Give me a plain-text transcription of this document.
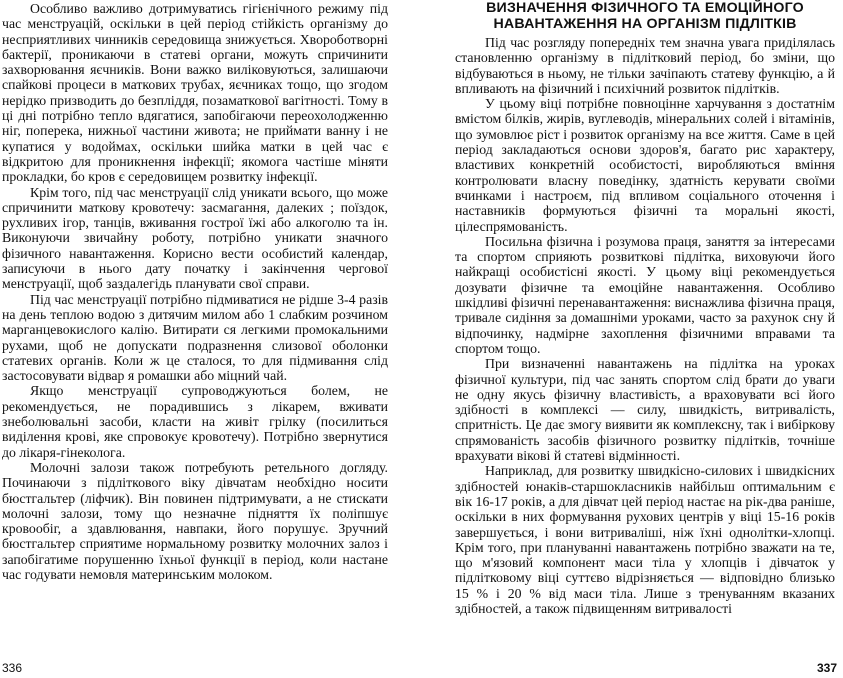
Особливо важливо дотримуватись гігієнічного режиму під час менструацій, оскільки в цей період стійкість організму до несприятливих чинників середовища знижується. Хвороботворні бактерії, проникаючи в статеві органи, можуть спричинити захворювання яєчників. Вони важко виліковуються, залишаючи спайкові процеси в маткових трубах, яєчниках тощо, що згодом нерідко призводить до безпліддя, позаматкової вагітності. Тому в ці дні потрібно тепло вдягатися, запобігаючи переохолодженню ніг, поперека, нижньої частини живота; не приймати ванну і не купатися у водоймах, оскільки шийка матки в цей час є відкритою для проникнення інфекції; якомога частіше міняти прокладки, бо кров є середовищем розвитку інфекції.

Крім того, під час менструації слід уникати всього, що може спричинити маткову кровотечу: засмагання, далеких ; поїздок, рухливих ігор, танців, вживання гострої їжі або алкоголю та ін. Виконуючи звичайну роботу, потрібно уникати значного фізичного навантаження. Корисно вести особистий календар, записуючи в нього дату початку і закінчення чергової менструації, щоб заздалегідь планувати свої справи.

Під час менструації потрібно підмиватися не рідше 3-4 разів на день теплою водою з дитячим милом або 1 слабким розчином марганцевокислого калію. Витирати ся легкими промокальними рухами, щоб не допускати подразнення слизової оболонки статевих органів. Коли ж це сталося, то для підмивання слід застосовувати відвар я ромашки або міцний чай.

Якщо менструації супроводжуються болем, не рекомендується, не порадившись з лікарем, вживати знеболювальні засоби, класти на живіт грілку (посилиться виділення крові, яке спровокує кровотечу). Потрібно звернутися до лікаря-гінеколога.

Молочні залози також потребують ретельного догляду. Починаючи з підліткового віку дівчатам необхідно носити бюстгальтер (ліфчик). Він повинен підтримувати, а не стискати молочні залози, тому що незначне підняття їх поліпшує кровообіг, а здавлювання, навпаки, його порушує. Зручний бюстгальтер сприятиме нормальному розвитку молочних залоз і запобігатиме порушенню їхньої функції в період, коли настане час годувати немовля материнським молоком.

336
ВИЗНАЧЕННЯ ФІЗИЧНОГО ТА ЕМОЦІЙНОГО НАВАНТАЖЕННЯ НА ОРГАНІЗМ ПІДЛІТКІВ

Під час розгляду попередніх тем значна увага приділялась становленню організму в підлітковий період, бо зміни, що відбуваються в ньому, не тільки зачіпають статеву функцію, а й впливають на фізичний і психічний розвиток підлітків.

У цьому віці потрібне повноцінне харчування з достатнім вмістом білків, жирів, вуглеводів, мінеральних солей і вітамінів, що зумовлює ріст і розвиток організму на все життя. Саме в цей період закладаються основи здоров'я, багато рис характеру, властивих конкретній особистості, виробляються вміння контролювати власну поведінку, здатність керувати своїми вчинками і настроєм, під впливом соціального оточення і наставників формуються фізичні та моральні якості, цілеспрямованість.

Посильна фізична і розумова праця, заняття за інтересами та спортом сприяють розвиткові підлітка, виховуючи його найкращі особистісні якості. У цьому віці рекомендується дозувати фізичне та емоційне навантаження. Особливо шкідливі фізичні перенавантаження: виснажлива фізична праця, тривале сидіння за домашніми уроками, часто за рахунок сну й відпочинку, надмірне захоплення фізичними вправами та спортом тощо.

При визначенні навантажень на підлітка на уроках фізичної культури, під час занять спортом слід брати до уваги не одну якусь фізичну властивість, а враховувати всі його здібності в комплексі — силу, швидкість, витривалість, спритність. Це дає змогу виявити як комплексну, так і вибіркову спрямованість засобів фізичного розвитку підлітків, точніше врахувати вікові й статеві відмінності.

Наприклад, для розвитку швидкісно-силових і швидкісних здібностей юнаків-старшокласників найбільш оптимальним є вік 16-17 років, а для дівчат цей період настає на рік-два раніше, оскільки в них формування рухових центрів у віці 15-16 років завершується, і вони витриваліші, ніж їхні однолітки-хлопці. Крім того, при плануванні навантажень потрібно зважати на те, що м'язовий компонент маси тіла у хлопців і дівчаток у підлітковому віці суттєво відрізняється — відповідно близько 15 % і 20 % від маси тіла. Лише з тренуванням вказаних здібностей, а також підвищенням витривалості

337
